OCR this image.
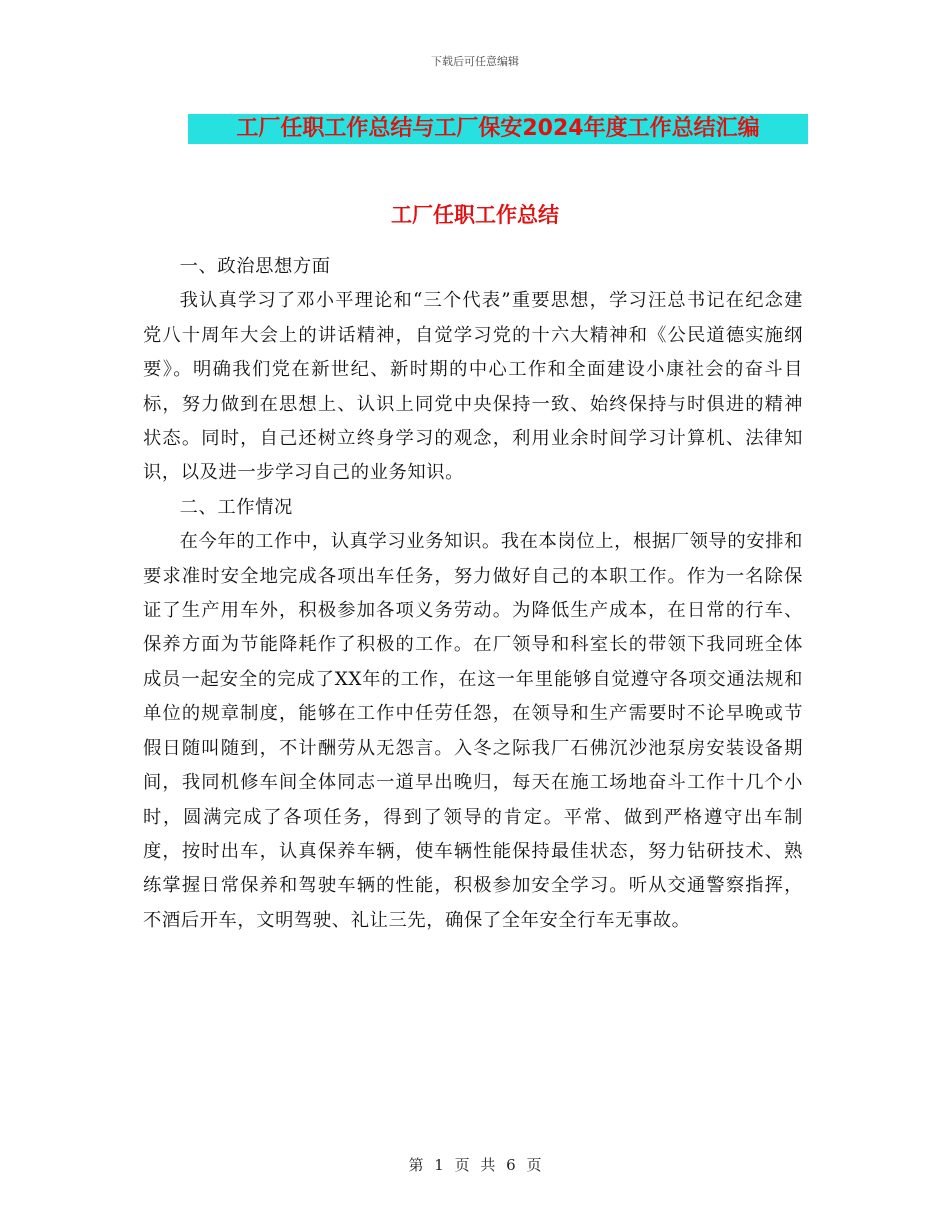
下载后可任意编辑
工厂任职工作总结与工厂保安2024年度工作总结汇编
工厂任职工作总结

一、政治思想方面

我认真学习了邓小平理论和“三个代表”重要思想，学习汪总书记在纪念建党八十周年大会上的讲话精神，自觉学习党的十六大精神和《公民道德实施纲要》。明确我们党在新世纪、新时期的中心工作和全面建设小康社会的奋斗目标，努力做到在思想上、认识上同党中央保持一致、始终保持与时俱进的精神状态。同时，自己还树立终身学习的观念，利用业余时间学习计算机、法律知识，以及进一步学习自己的业务知识。

二、工作情况

在今年的工作中，认真学习业务知识。我在本岗位上，根据厂领导的安排和要求准时安全地完成各项出车任务，努力做好自己的本职工作。作为一名除保证了生产用车外，积极参加各项义务劳动。为降低生产成本，在日常的行车、保养方面为节能降耗作了积极的工作。在厂领导和科室长的带领下我同班全体成员一起安全的完成了XX年的工作，在这一年里能够自觉遵守各项交通法规和单位的规章制度，能够在工作中任劳任怨，在领导和生产需要时不论早晚或节假日随叫随到，不计酬劳从无怨言。入冬之际我厂石佛沉沙池泵房安装设备期间，我同机修车间全体同志一道早出晚归，每天在施工场地奋斗工作十几个小时，圆满完成了各项任务，得到了领导的肯定。平常、做到严格遵守出车制度，按时出车，认真保养车辆，使车辆性能保持最佳状态，努力钻研技术、熟练掌握日常保养和驾驶车辆的性能，积极参加安全学习。听从交通警察指挥，不酒后开车，文明驾驶、礼让三先，确保了全年安全行车无事故。

第 1 页 共 6 页
